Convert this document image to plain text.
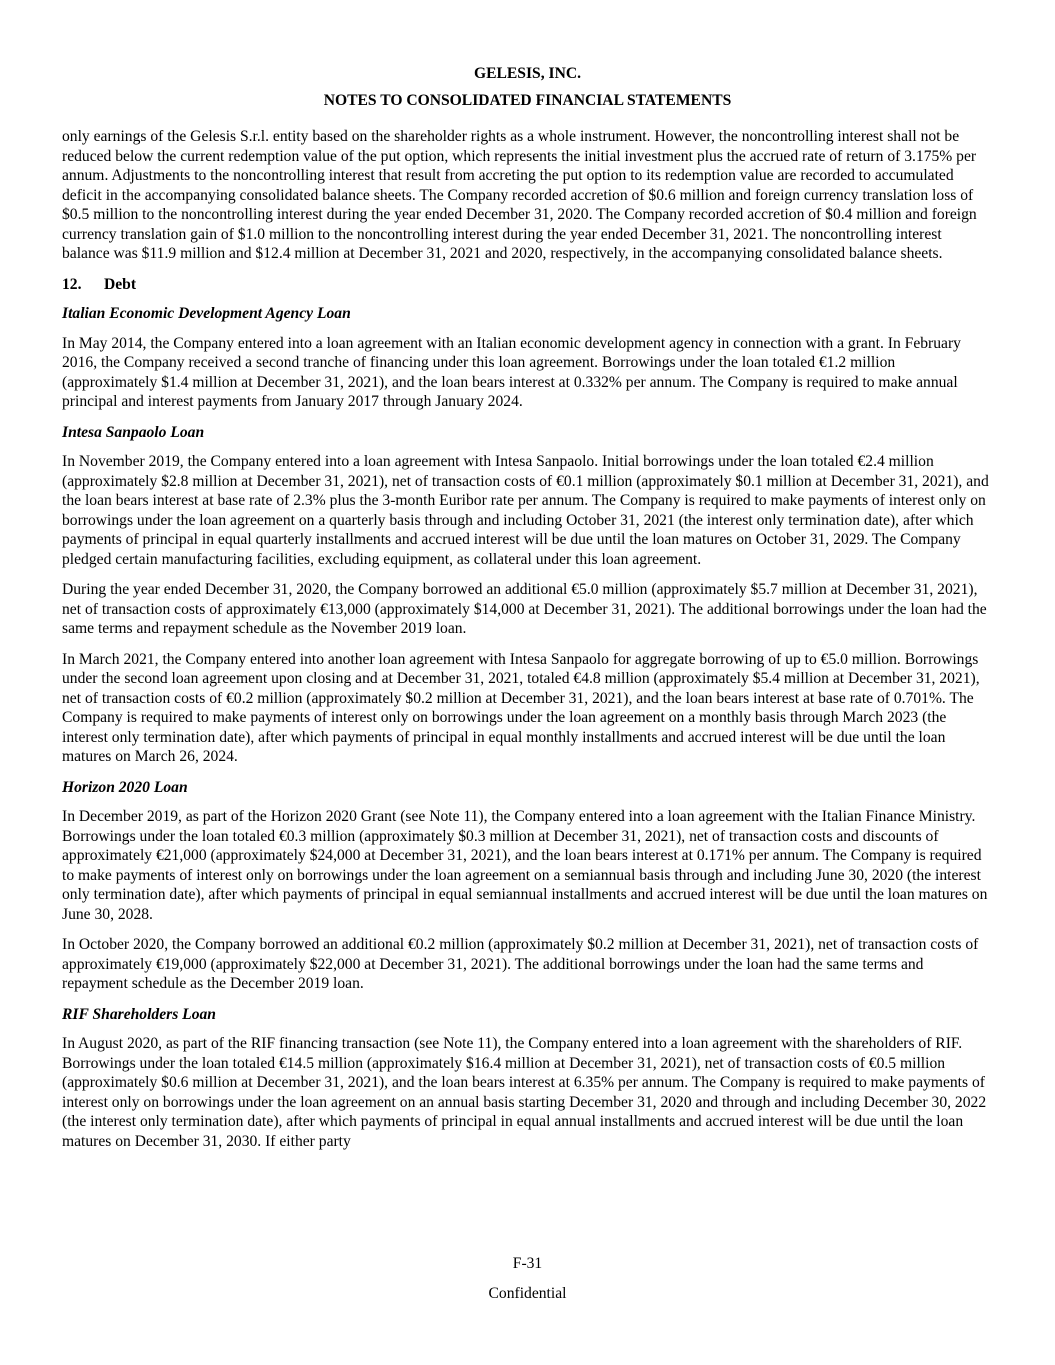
GELESIS, INC.
NOTES TO CONSOLIDATED FINANCIAL STATEMENTS

only earnings of the Gelesis S.r.l. entity based on the shareholder rights as a whole instrument. However, the noncontrolling interest shall not be reduced below the current redemption value of the put option, which represents the initial investment plus the accrued rate of return of 3.175% per annum. Adjustments to the noncontrolling interest that result from accreting the put option to its redemption value are recorded to accumulated deficit in the accompanying consolidated balance sheets. The Company recorded accretion of $0.6 million and foreign currency translation loss of $0.5 million to the noncontrolling interest during the year ended December 31, 2020. The Company recorded accretion of $0.4 million and foreign currency translation gain of $1.0 million to the noncontrolling interest during the year ended December 31, 2021. The noncontrolling interest balance was $11.9 million and $12.4 million at December 31, 2021 and 2020, respectively, in the accompanying consolidated balance sheets.

12. Debt
Italian Economic Development Agency Loan

In May 2014, the Company entered into a loan agreement with an Italian economic development agency in connection with a grant. In February 2016, the Company received a second tranche of financing under this loan agreement. Borrowings under the loan totaled €1.2 million (approximately $1.4 million at December 31, 2021), and the loan bears interest at 0.332% per annum. The Company is required to make annual principal and interest payments from January 2017 through January 2024.

Intesa Sanpaolo Loan

In November 2019, the Company entered into a loan agreement with Intesa Sanpaolo. Initial borrowings under the loan totaled €2.4 million (approximately $2.8 million at December 31, 2021), net of transaction costs of €0.1 million (approximately $0.1 million at December 31, 2021), and the loan bears interest at base rate of 2.3% plus the 3-month Euribor rate per annum. The Company is required to make payments of interest only on borrowings under the loan agreement on a quarterly basis through and including October 31, 2021 (the interest only termination date), after which payments of principal in equal quarterly installments and accrued interest will be due until the loan matures on October 31, 2029. The Company pledged certain manufacturing facilities, excluding equipment, as collateral under this loan agreement.

During the year ended December 31, 2020, the Company borrowed an additional €5.0 million (approximately $5.7 million at December 31, 2021), net of transaction costs of approximately €13,000 (approximately $14,000 at December 31, 2021). The additional borrowings under the loan had the same terms and repayment schedule as the November 2019 loan.

In March 2021, the Company entered into another loan agreement with Intesa Sanpaolo for aggregate borrowing of up to €5.0 million. Borrowings under the second loan agreement upon closing and at December 31, 2021, totaled €4.8 million (approximately $5.4 million at December 31, 2021), net of transaction costs of €0.2 million (approximately $0.2 million at December 31, 2021), and the loan bears interest at base rate of 0.701%. The Company is required to make payments of interest only on borrowings under the loan agreement on a monthly basis through March 2023 (the interest only termination date), after which payments of principal in equal monthly installments and accrued interest will be due until the loan matures on March 26, 2024.

Horizon 2020 Loan

In December 2019, as part of the Horizon 2020 Grant (see Note 11), the Company entered into a loan agreement with the Italian Finance Ministry. Borrowings under the loan totaled €0.3 million (approximately $0.3 million at December 31, 2021), net of transaction costs and discounts of approximately €21,000 (approximately $24,000 at December 31, 2021), and the loan bears interest at 0.171% per annum. The Company is required to make payments of interest only on borrowings under the loan agreement on a semiannual basis through and including June 30, 2020 (the interest only termination date), after which payments of principal in equal semiannual installments and accrued interest will be due until the loan matures on June 30, 2028.

In October 2020, the Company borrowed an additional €0.2 million (approximately $0.2 million at December 31, 2021), net of transaction costs of approximately €19,000 (approximately $22,000 at December 31, 2021). The additional borrowings under the loan had the same terms and repayment schedule as the December 2019 loan.

RIF Shareholders Loan

In August 2020, as part of the RIF financing transaction (see Note 11), the Company entered into a loan agreement with the shareholders of RIF. Borrowings under the loan totaled €14.5 million (approximately $16.4 million at December 31, 2021), net of transaction costs of €0.5 million (approximately $0.6 million at December 31, 2021), and the loan bears interest at 6.35% per annum. The Company is required to make payments of interest only on borrowings under the loan agreement on an annual basis starting December 31, 2020 and through and including December 30, 2022 (the interest only termination date), after which payments of principal in equal annual installments and accrued interest will be due until the loan matures on December 31, 2030. If either party

F-31
Confidential
